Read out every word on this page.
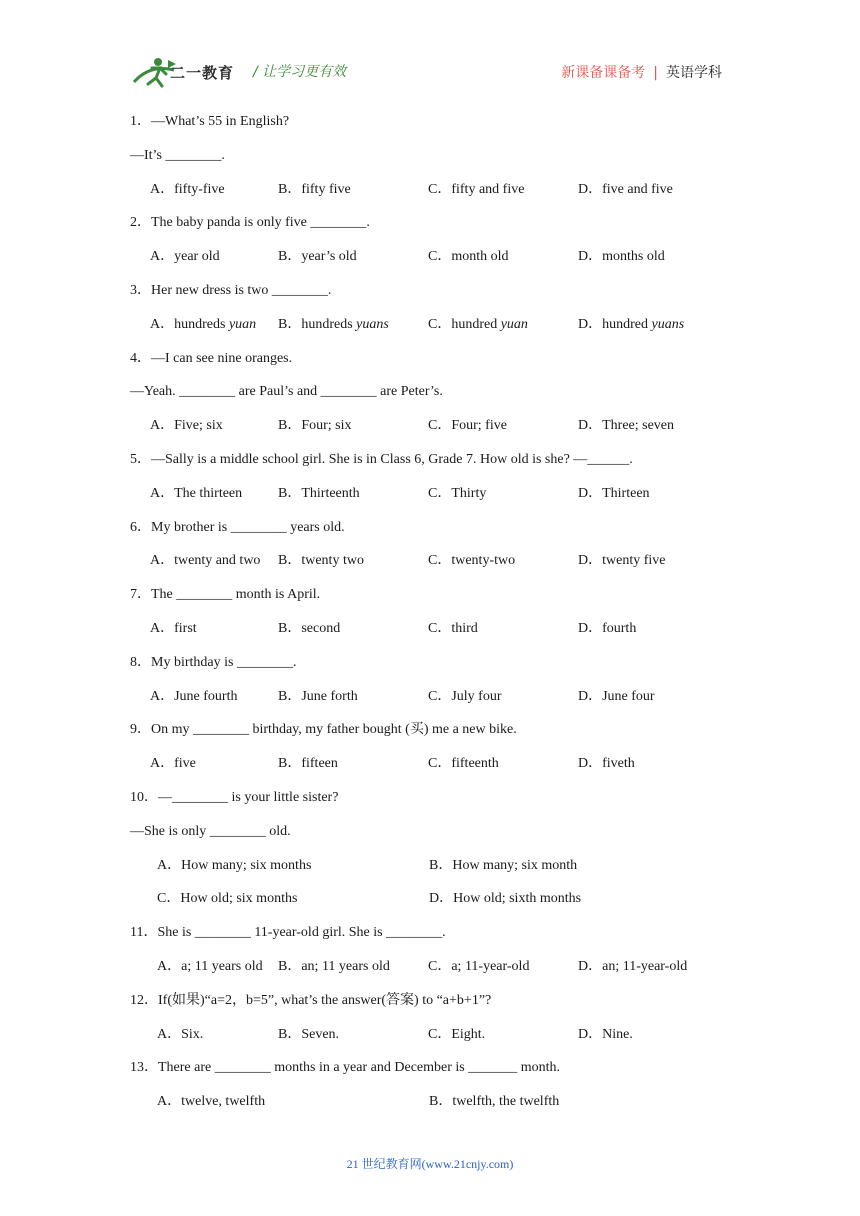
二一教育 / 让学习更有效	新课备课备考 | 英语学科
1．—What’s 55 in English?
—It’s ________.
A．fifty-five	B．fifty five	C．fifty and five	D．five and five
2．The baby panda is only five ________.
A．year old	B．year’s old	C．month old	D．months old
3．Her new dress is two ________.
A．hundreds yuan	B．hundreds yuans	C．hundred yuan	D．hundred yuans
4．—I can see nine oranges.
—Yeah. ________ are Paul’s and ________ are Peter’s.
A．Five; six	B．Four; six	C．Four; five	D．Three; seven
5．—Sally is a middle school girl. She is in Class 6, Grade 7. How old is she? —______.
A．The thirteen	B．Thirteenth	C．Thirty	D．Thirteen
6．My brother is ________ years old.
A．twenty and two	B．twenty two	C．twenty-two	D．twenty five
7．The ________ month is April.
A．first	B．second	C．third	D．fourth
8．My birthday is ________.
A．June fourth	B．June forth	C．July four	D．June four
9．On my ________ birthday, my father bought (买) me a new bike.
A．five	B．fifteen	C．fifteenth	D．fiveth
10．—________ is your little sister?
—She is only ________ old.
A．How many; six months	B．How many; six month
C．How old; six months	D．How old; sixth months
11．She is ________ 11-year-old girl. She is ________.
A．a; 11 years old	B．an; 11 years old	C．a; 11-year-old	D．an; 11-year-old
12．If(如果)“a=2，b=5”, what’s the answer(答案) to “a+b+1”?
A．Six.	B．Seven.	C．Eight.	D．Nine.
13．There are ________ months in a year and December is _______ month.
A．twelve, twelfth	B．twelfth, the twelfth
21 世纪教育网(www.21cnjy.com)
